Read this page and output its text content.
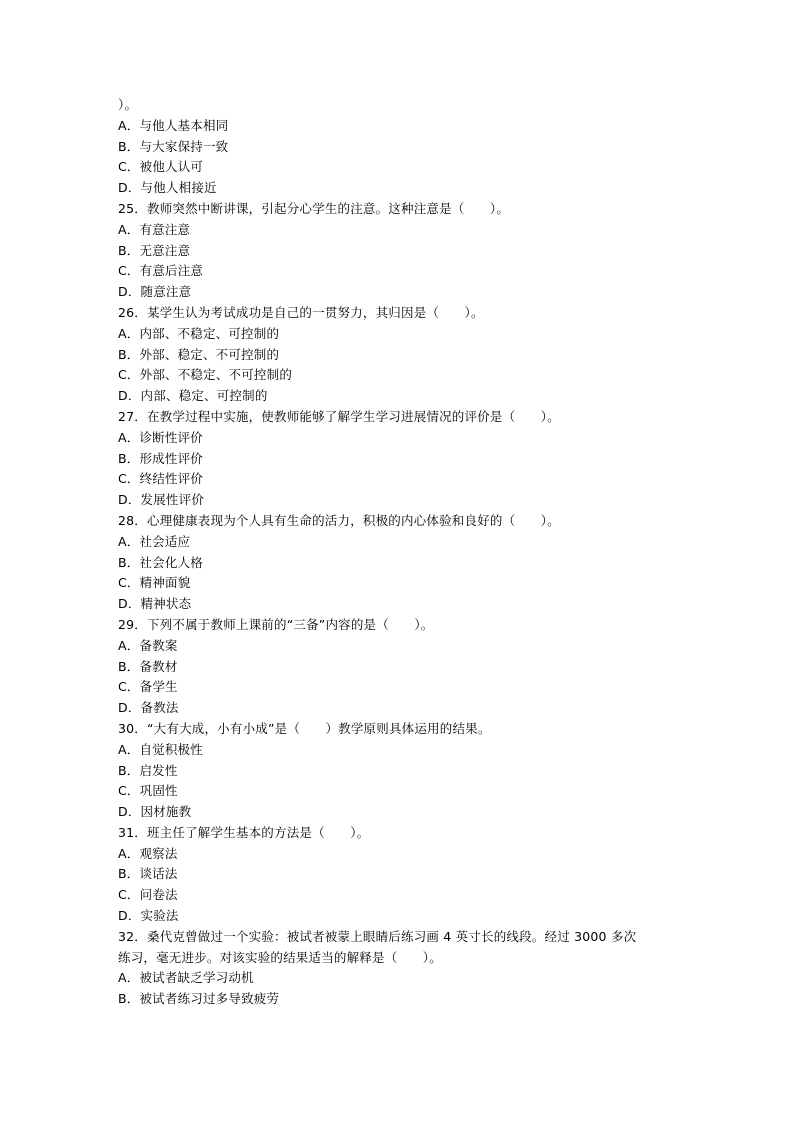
）。
A．与他人基本相同
B．与大家保持一致
C．被他人认可
D．与他人相接近
25．教师突然中断讲课，引起分心学生的注意。这种注意是（　　）。
A．有意注意
B．无意注意
C．有意后注意
D．随意注意
26．某学生认为考试成功是自己的一贯努力，其归因是（　　）。
A．内部、不稳定、可控制的
B．外部、稳定、不可控制的
C．外部、不稳定、不可控制的
D．内部、稳定、可控制的
27．在教学过程中实施，使教师能够了解学生学习进展情况的评价是（　　）。
A．诊断性评价
B．形成性评价
C．终结性评价
D．发展性评价
28．心理健康表现为个人具有生命的活力，积极的内心体验和良好的（　　）。
A．社会适应
B．社会化人格
C．精神面貌
D．精神状态
29．下列不属于教师上课前的“三备”内容的是（　　）。
A．备教案
B．备教材
C．备学生
D．备教法
30．“大有大成，小有小成”是（　　）教学原则具体运用的结果。
A．自觉积极性
B．启发性
C．巩固性
D．因材施教
31．班主任了解学生基本的方法是（　　）。
A．观察法
B．谈话法
C．问卷法
D．实验法
32．桑代克曾做过一个实验：被试者被蒙上眼睛后练习画 4 英寸长的线段。经过 3000 多次
练习，毫无进步。对该实验的结果适当的解释是（　　）。
A．被试者缺乏学习动机
B．被试者练习过多导致疲劳
